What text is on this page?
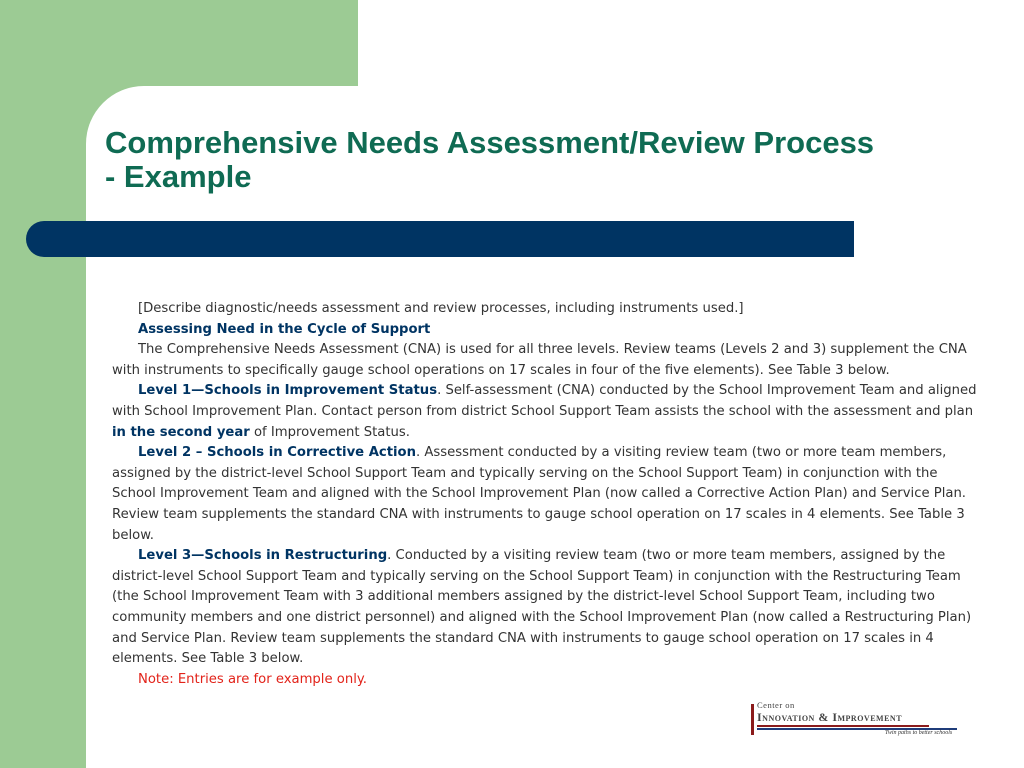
Comprehensive Needs Assessment/Review Process
- Example

[Describe diagnostic/needs assessment and review processes, including instruments used.]

Assessing Need in the Cycle of Support

The Comprehensive Needs Assessment (CNA) is used for all three levels. Review teams (Levels 2 and 3) supplement the CNA with instruments to specifically gauge school operations on 17 scales in four of the five elements). See Table 3 below.

Level 1—Schools in Improvement Status. Self-assessment (CNA) conducted by the School Improvement Team and aligned with School Improvement Plan. Contact person from district School Support Team assists the school with the assessment and plan in the second year of Improvement Status.

Level 2 – Schools in Corrective Action. Assessment conducted by a visiting review team (two or more team members, assigned by the district-level School Support Team and typically serving on the School Support Team) in conjunction with the School Improvement Team and aligned with the School Improvement Plan (now called a Corrective Action Plan) and Service Plan. Review team supplements the standard CNA with instruments to gauge school operation on 17 scales in 4 elements. See Table 3 below.

Level 3—Schools in Restructuring. Conducted by a visiting review team (two or more team members, assigned by the district-level School Support Team and typically serving on the School Support Team) in conjunction with the Restructuring Team (the School Improvement Team with 3 additional members assigned by the district-level School Support Team, including two community members and one district personnel) and aligned with the School Improvement Plan (now called a Restructuring Plan) and Service Plan. Review team supplements the standard CNA with instruments to gauge school operation on 17 scales in 4 elements. See Table 3 below.

Note: Entries are for example only.

Center on
Innovation & Improvement
Twin paths to better schools
